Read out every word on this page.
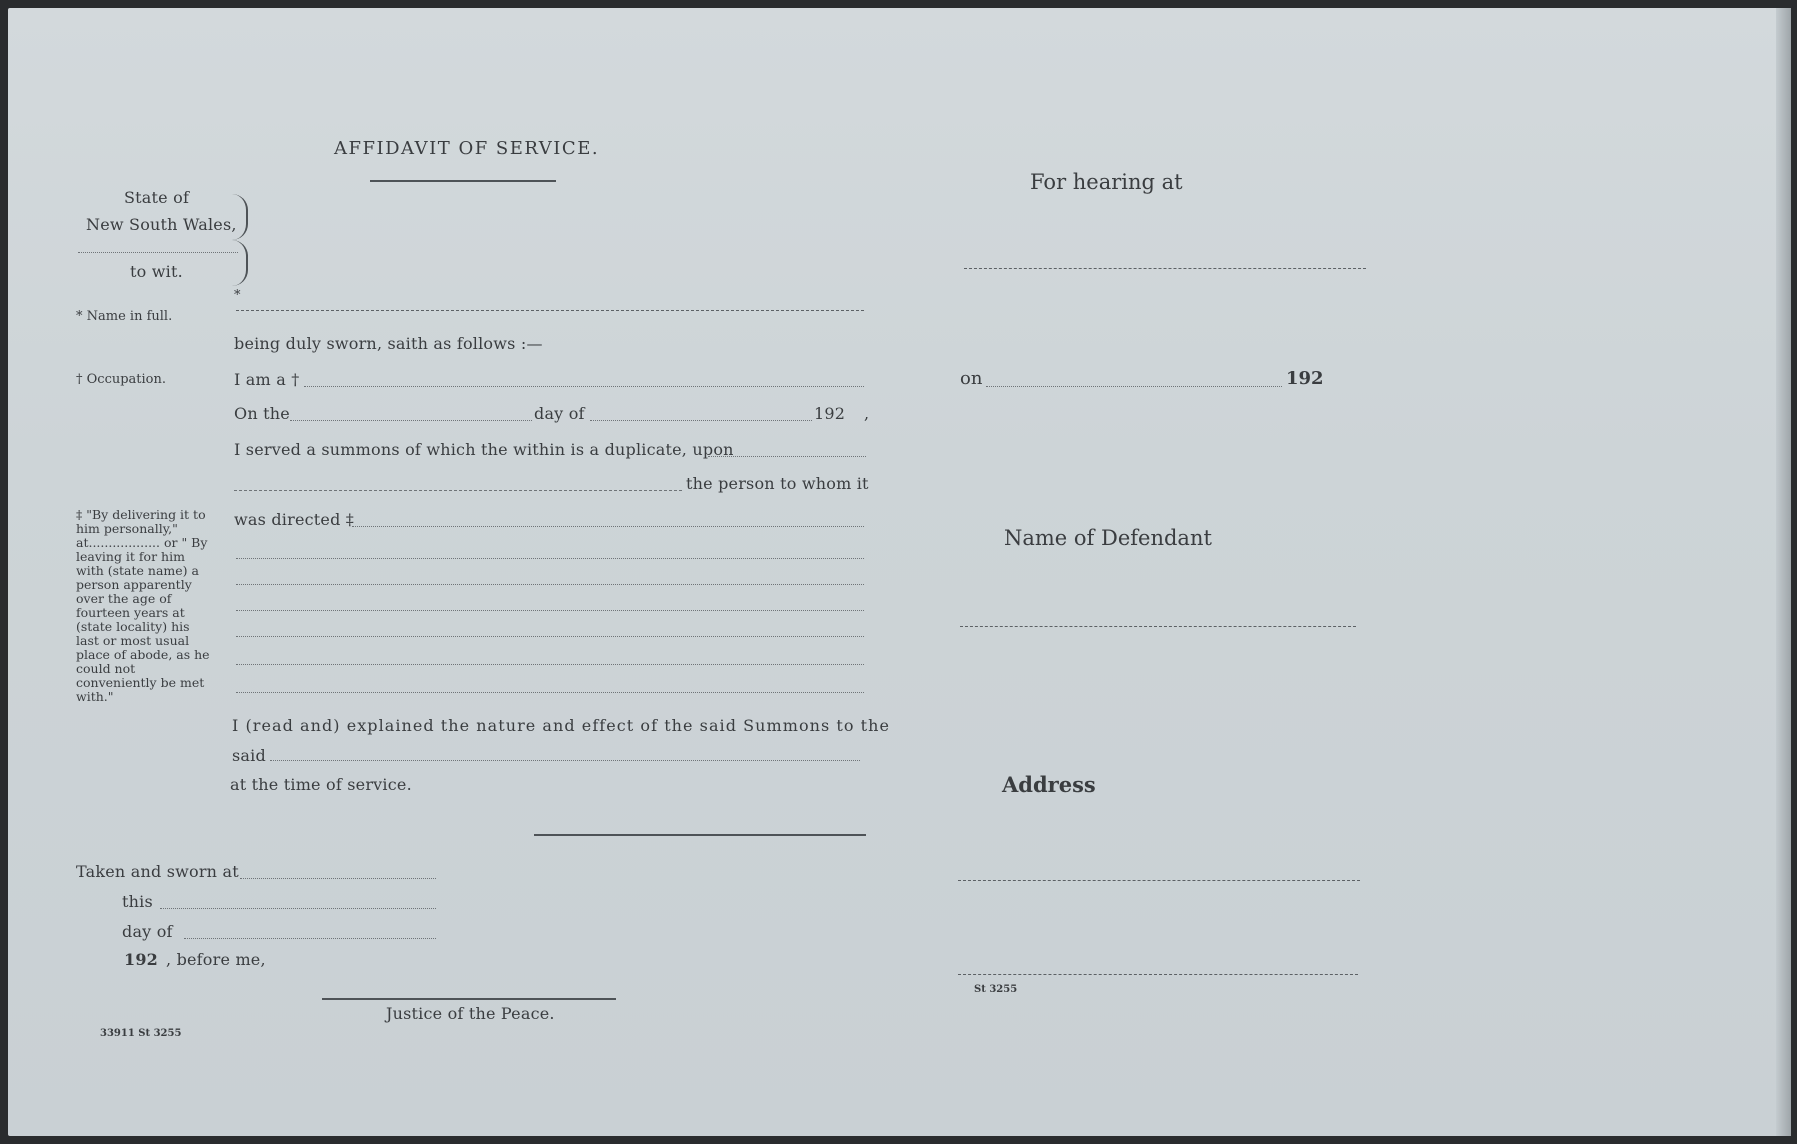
AFFIDAVIT OF SERVICE.
State of
New South Wales,
to wit.
*
* Name in full.
being duly sworn, saith as follows :—
† Occupation.	I am a †
On the	day of	192 ,
I served a summons of which the within is a duplicate, upon
the person to whom it
‡ "By delivering it to him personally," at.................. or " By leaving it for him with (state name) a person apparently over the age of fourteen years at (state locality) his last or most usual place of abode, as he could not conveniently be met with."
was directed ‡
I (read and) explained the nature and effect of the said Summons to the
said
at the time of service.
Taken and sworn at
this
day of
192 , before me,
Justice of the Peace.
33911 St 3255
For hearing at
on	192
Name of Defendant
Address
St 3255
